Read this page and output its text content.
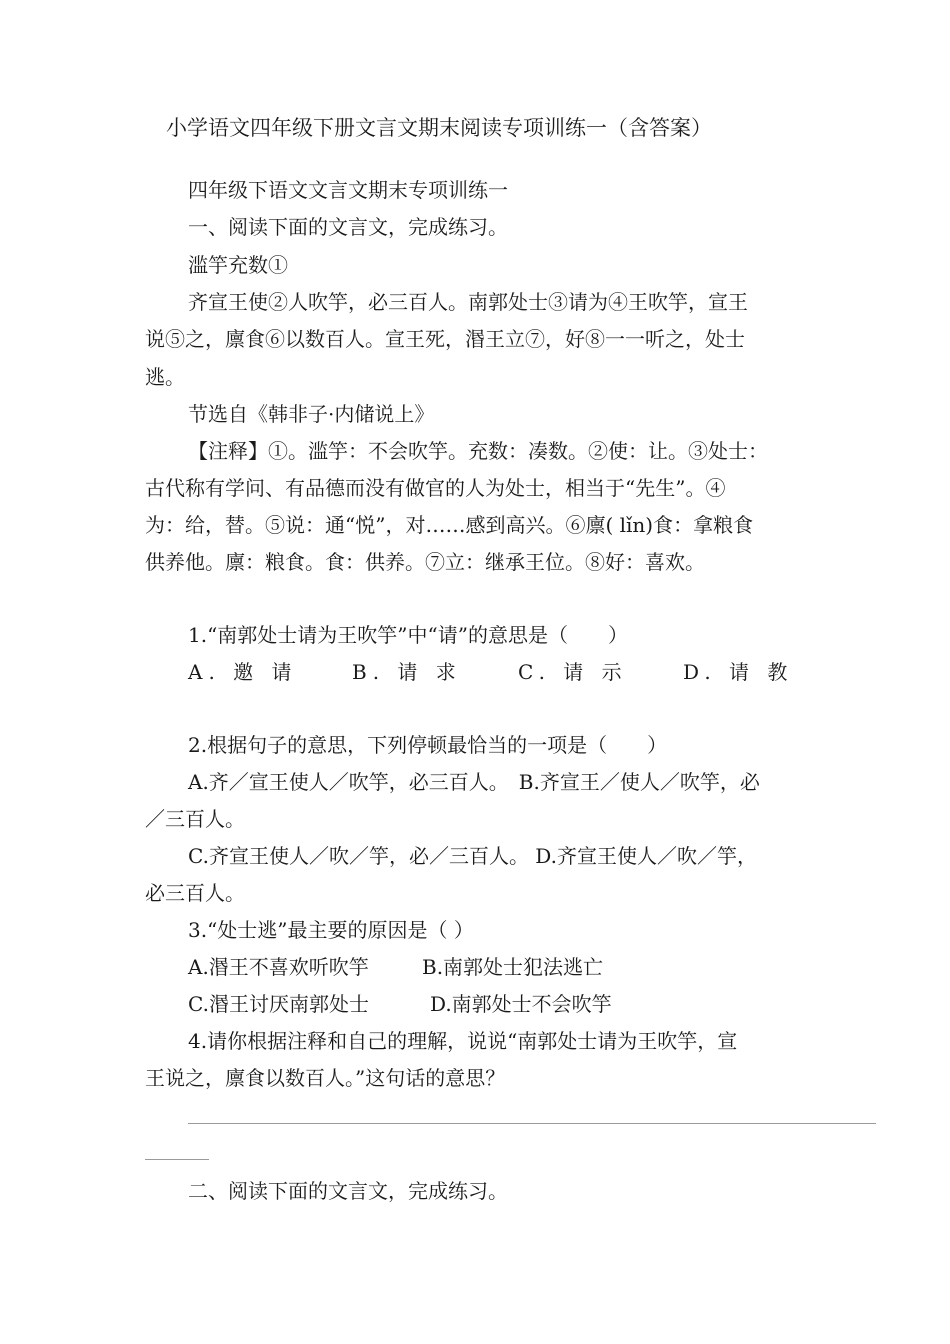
小学语文四年级下册文言文期末阅读专项训练一（含答案）
四年级下语文文言文期末专项训练一
一、阅读下面的文言文，完成练习。
滥竽充数①
齐宣王使②人吹竽，必三百人。南郭处士③请为④王吹竽，宣王
说⑤之，廪食⑥以数百人。宣王死，湣王立⑦，好⑧一一听之，处士
逃。
节选自《韩非子·内储说上》
【注释】①。滥竽：不会吹竽。充数：凑数。②使：让。③处士：
古代称有学问、有品德而没有做官的人为处士，相当于“先生”。④
为：给，替。⑤说：通“悦”，对……感到高兴。⑥廪( lǐn)食：拿粮食
供养他。廪：粮食。食：供养。⑦立：继承王位。⑧好：喜欢。
1.“南郭处士请为王吹竽”中“请”的意思是（　　）
A. 邀 请	B. 请 求	C. 请 示	D. 请 教
2.根据句子的意思，下列停顿最恰当的一项是（　　）
A.齐／宣王使人／吹竽，必三百人。　B.齐宣王／使人／吹竽，必
／三百人。
C.齐宣王使人／吹／竽，必／三百人。 D.齐宣王使人／吹／竽，
必三百人。
3.“处士逃”最主要的原因是（ ）
A.湣王不喜欢听吹竽	B.南郭处士犯法逃亡
C.湣王讨厌南郭处士	D.南郭处士不会吹竽
4.请你根据注释和自己的理解，说说“南郭处士请为王吹竽，宣
王说之，廪食以数百人。”这句话的意思？
二、阅读下面的文言文，完成练习。
